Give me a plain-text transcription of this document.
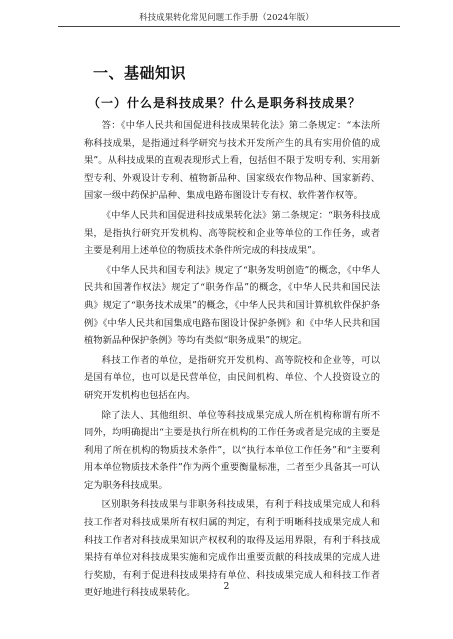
科技成果转化常见问题工作手册（2024年版）
一、基础知识
（一）什么是科技成果？什么是职务科技成果？

答：《中华人民共和国促进科技成果转化法》第二条规定：“本法所称科技成果，是指通过科学研究与技术开发所产生的具有实用价值的成果”。从科技成果的直观表现形式上看，包括但不限于发明专利、实用新型专利、外观设计专利、植物新品种、国家级农作物品种、国家新药、国家一级中药保护品种、集成电路布图设计专有权、软件著作权等。

《中华人民共和国促进科技成果转化法》第二条规定：“职务科技成果，是指执行研究开发机构、高等院校和企业等单位的工作任务，或者主要是利用上述单位的物质技术条件所完成的科技成果”。

《中华人民共和国专利法》规定了“职务发明创造”的概念，《中华人民共和国著作权法》规定了“职务作品”的概念，《中华人民共和国民法典》规定了“职务技术成果”的概念，《中华人民共和国计算机软件保护条例》《中华人民共和国集成电路布图设计保护条例》和《中华人民共和国植物新品种保护条例》等均有类似“职务成果”的规定。

科技工作者的单位，是指研究开发机构、高等院校和企业等，可以是国有单位，也可以是民营单位，由民间机构、单位、个人投资设立的研究开发机构也包括在内。

除了法人、其他组织、单位等科技成果完成人所在机构称谓有所不同外，均明确提出“主要是执行所在机构的工作任务或者是完成的主要是利用了所在机构的物质技术条件”，以“执行本单位工作任务”和“主要利用本单位物质技术条件”作为两个重要衡量标准，二者至少具备其一可认定为职务科技成果。

区别职务科技成果与非职务科技成果，有利于科技成果完成人和科技工作者对科技成果所有权归属的判定，有利于明晰科技成果完成人和科技工作者对科技成果知识产权权利的取得及运用界限，有利于科技成果持有单位对科技成果实施和完成作出重要贡献的科技成果的完成人进行奖励，有利于促进科技成果持有单位、科技成果完成人和科技工作者更好地进行科技成果转化。

2
